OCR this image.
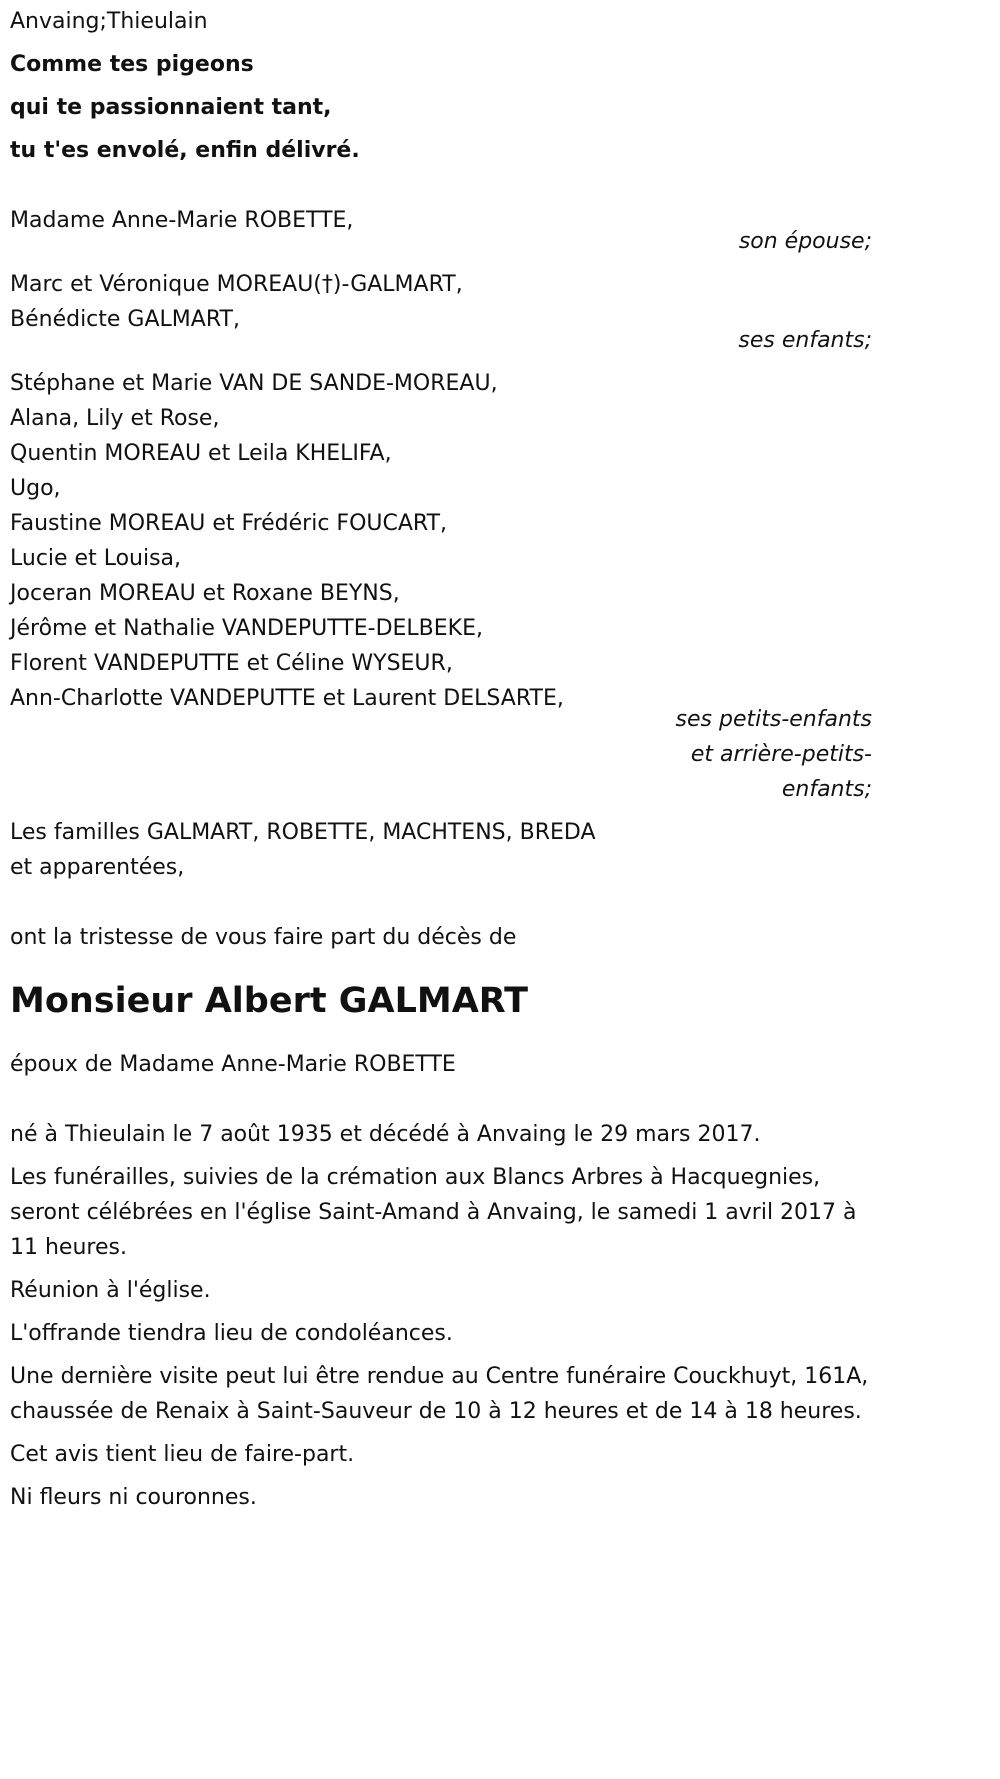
Anvaing;Thieulain
Comme tes pigeons
qui te passionnaient tant,
tu t'es envolé, enfin délivré.
Madame Anne-Marie ROBETTE,
son épouse;
Marc et Véronique MOREAU(†)-GALMART,
Bénédicte GALMART,
ses enfants;
Stéphane et Marie VAN DE SANDE-MOREAU,
Alana, Lily et Rose,
Quentin MOREAU et Leila KHELIFA,
Ugo,
Faustine MOREAU et Frédéric FOUCART,
Lucie et Louisa,
Joceran MOREAU et Roxane BEYNS,
Jérôme et Nathalie VANDEPUTTE-DELBEKE,
Florent VANDEPUTTE et Céline WYSEUR,
Ann-Charlotte VANDEPUTTE et Laurent DELSARTE,
ses petits-enfants
et arrière-petits-
enfants;
Les familles GALMART, ROBETTE, MACHTENS, BREDA
et apparentées,
ont la tristesse de vous faire part du décès de
Monsieur Albert GALMART
époux de Madame Anne-Marie ROBETTE
né à Thieulain le 7 août 1935 et décédé à Anvaing le 29 mars 2017.
Les funérailles, suivies de la crémation aux Blancs Arbres à Hacquegnies, seront célébrées en l'église Saint-Amand à Anvaing, le samedi 1 avril 2017 à 11 heures.
Réunion à l'église.
L'offrande tiendra lieu de condoléances.
Une dernière visite peut lui être rendue au Centre funéraire Couckhuyt, 161A, chaussée de Renaix à Saint-Sauveur de 10 à 12 heures et de 14 à 18 heures.
Cet avis tient lieu de faire-part.
Ni fleurs ni couronnes.
